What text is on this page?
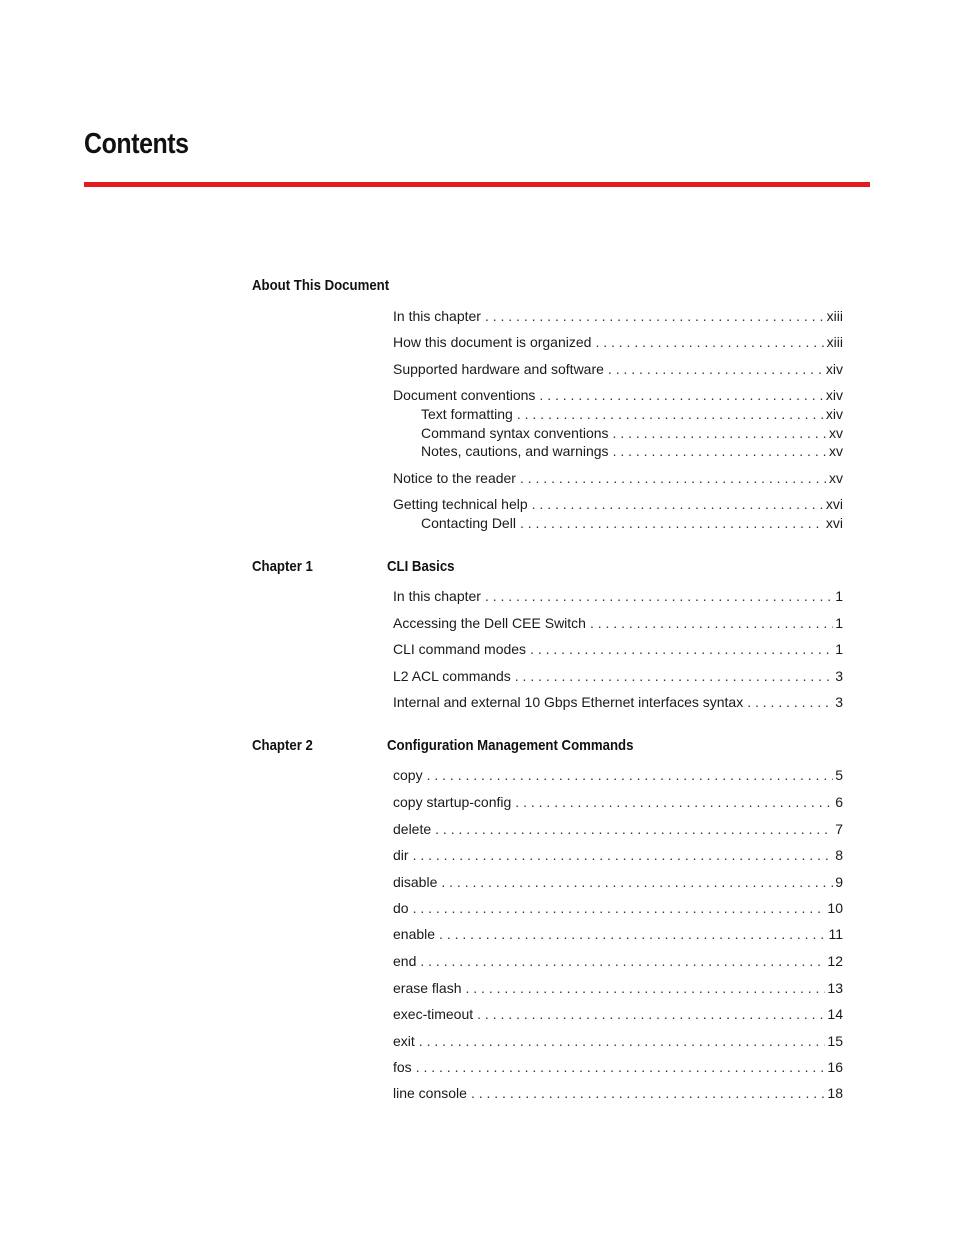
Contents
About This Document
In this chapter . . .	xiii
How this document is organized . . .	xiii
Supported hardware and software . . .	xiv
Document conventions . . .	xiv
Text formatting . . .	xiv
Command syntax conventions . . .	xv
Notes, cautions, and warnings . . .	xv
Notice to the reader . . .	xv
Getting technical help . . .	xvi
Contacting Dell . . .	xvi
Chapter 1	CLI Basics
In this chapter . . .	1
Accessing the Dell CEE Switch . . .	1
CLI command modes . . .	1
L2 ACL commands . . .	3
Internal and external 10 Gbps Ethernet interfaces syntax . . .	3
Chapter 2	Configuration Management Commands
copy . . .	5
copy startup-config . . .	6
delete . . .	7
dir . . .	8
disable . . .	9
do . . .	10
enable . . .	11
end . . .	12
erase flash . . .	13
exec-timeout . . .	14
exit . . .	15
fos . . .	16
line console . . .	18
